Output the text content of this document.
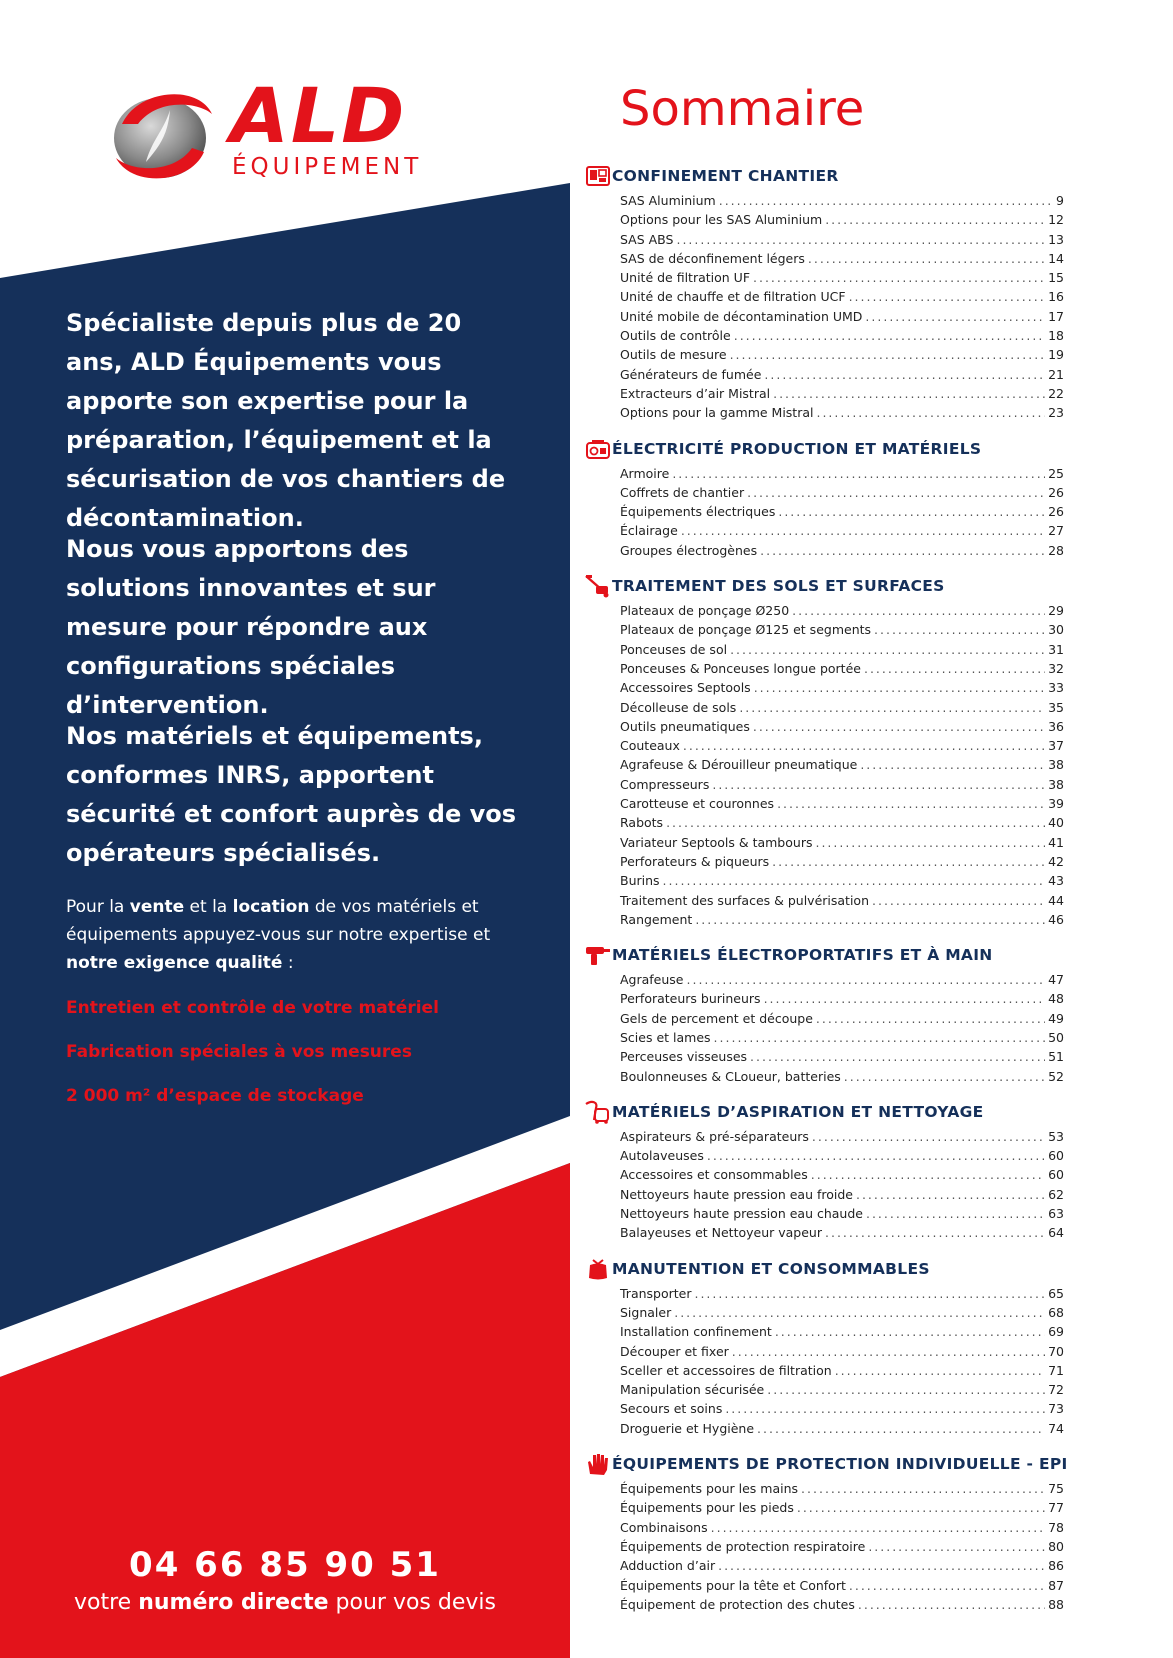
ALD
ÉQUIPEMENT

Spécialiste depuis plus de 20 ans, ALD Équipements vous apporte son expertise pour la préparation, l’équipement et la sécurisation de vos chantiers de décontamination.

Nous vous apportons des solutions innovantes et sur mesure pour répondre aux configurations spéciales d’intervention.

Nos matériels et équipements, conformes INRS, apportent sécurité et confort auprès de vos opérateurs spécialisés.

Pour la vente et la location de vos matériels et équipements appuyez-vous sur notre expertise et notre exigence qualité :

Entretien et contrôle de votre matériel

Fabrication spéciales à vos mesures

2 000 m² d’espace de stockage

04 66 85 90 51
votre numéro directe pour vos devis
Sommaire
CONFINEMENT CHANTIER
SAS Aluminium .....	9
Options pour les SAS Aluminium .....	12
SAS ABS .....	13
SAS de déconfinement légers .....	14
Unité de filtration UF .....	15
Unité de chauffe et de filtration UCF .....	16
Unité mobile de décontamination UMD .....	17
Outils de contrôle .....	18
Outils de mesure .....	19
Générateurs de fumée .....	21
Extracteurs d’air Mistral .....	22
Options pour la gamme Mistral .....	23
ÉLECTRICITÉ PRODUCTION ET MATÉRIELS
Armoire .....	25
Coffrets de chantier .....	26
Équipements électriques .....	26
Éclairage .....	27
Groupes électrogènes .....	28
TRAITEMENT DES SOLS ET SURFACES
Plateaux de ponçage Ø250 .....	29
Plateaux de ponçage Ø125 et segments .....	30
Ponceuses de sol .....	31
Ponceuses & Ponceuses longue portée .....	32
Accessoires Septools .....	33
Décolleuse de sols .....	35
Outils pneumatiques .....	36
Couteaux .....	37
Agrafeuse & Dérouilleur pneumatique .....	38
Compresseurs .....	38
Carotteuse et couronnes .....	39
Rabots .....	40
Variateur Septools & tambours .....	41
Perforateurs & piqueurs .....	42
Burins .....	43
Traitement des surfaces & pulvérisation .....	44
Rangement .....	46
MATÉRIELS ÉLECTROPORTATIFS ET À MAIN
Agrafeuse .....	47
Perforateurs burineurs .....	48
Gels de percement et découpe .....	49
Scies et lames .....	50
Perceuses visseuses .....	51
Boulonneuses & CLoueur, batteries .....	52
MATÉRIELS D’ASPIRATION ET NETTOYAGE
Aspirateurs & pré-séparateurs .....	53
Autolaveuses .....	60
Accessoires et consommables .....	60
Nettoyeurs haute pression eau froide .....	62
Nettoyeurs haute pression eau chaude .....	63
Balayeuses et Nettoyeur vapeur .....	64
MANUTENTION ET CONSOMMABLES
Transporter .....	65
Signaler .....	68
Installation confinement .....	69
Découper et fixer .....	70
Sceller et accessoires de filtration .....	71
Manipulation sécurisée .....	72
Secours et soins .....	73
Droguerie et Hygiène .....	74
ÉQUIPEMENTS DE PROTECTION INDIVIDUELLE - EPI
Équipements pour les mains .....	75
Équipements pour les pieds .....	77
Combinaisons .....	78
Équipements de protection respiratoire .....	80
Adduction d’air .....	86
Équipements pour la tête et Confort .....	87
Équipement de protection des chutes .....	88
